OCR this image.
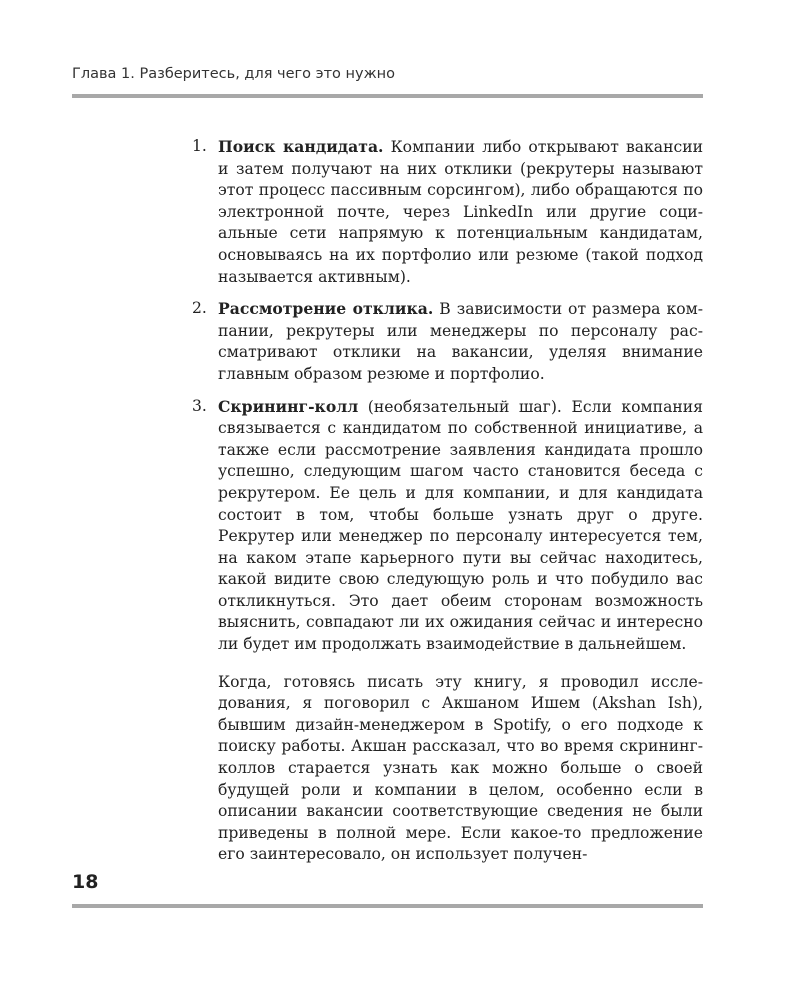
Глава 1. Разберитесь, для чего это нужно
1. Поиск кандидата. Компании либо открывают вакансии и затем получают на них отклики (рекрутеры называют этот процесс пассивным сорсингом), либо обращаются по электронной почте, через LinkedIn или другие социальные сети напрямую к потенциальным кандидатам, основываясь на их портфолио или резюме (такой подход называется активным).
2. Рассмотрение отклика. В зависимости от размера компании, рекрутеры или менеджеры по персоналу рассматривают отклики на вакансии, уделяя внимание главным образом резюме и портфолио.
3. Скрининг-колл (необязательный шаг). Если компания связывается с кандидатом по собственной инициативе, а также если рассмотрение заявления кандидата прошло успешно, следующим шагом часто становится беседа с рекрутером. Ее цель и для компании, и для кандидата состоит в том, чтобы больше узнать друг о друге. Рекрутер или менеджер по персоналу интересуется тем, на каком этапе карьерного пути вы сейчас находитесь, какой видите свою следующую роль и что побудило вас откликнуться. Это дает обеим сторонам возможность выяснить, совпадают ли их ожидания сейчас и интересно ли будет им продолжать взаимодействие в дальнейшем.
Когда, готовясь писать эту книгу, я проводил исследования, я поговорил с Акшаном Ишем (Akshan Ish), бывшим дизайн-менеджером в Spotify, о его подходе к поиску работы. Акшан рассказал, что во время скрининг-коллов старается узнать как можно больше о своей будущей роли и компании в целом, особенно если в описании вакансии соответствующие сведения не были приведены в полной мере. Если какое-то предложение его заинтересовало, он использует получен-
18
